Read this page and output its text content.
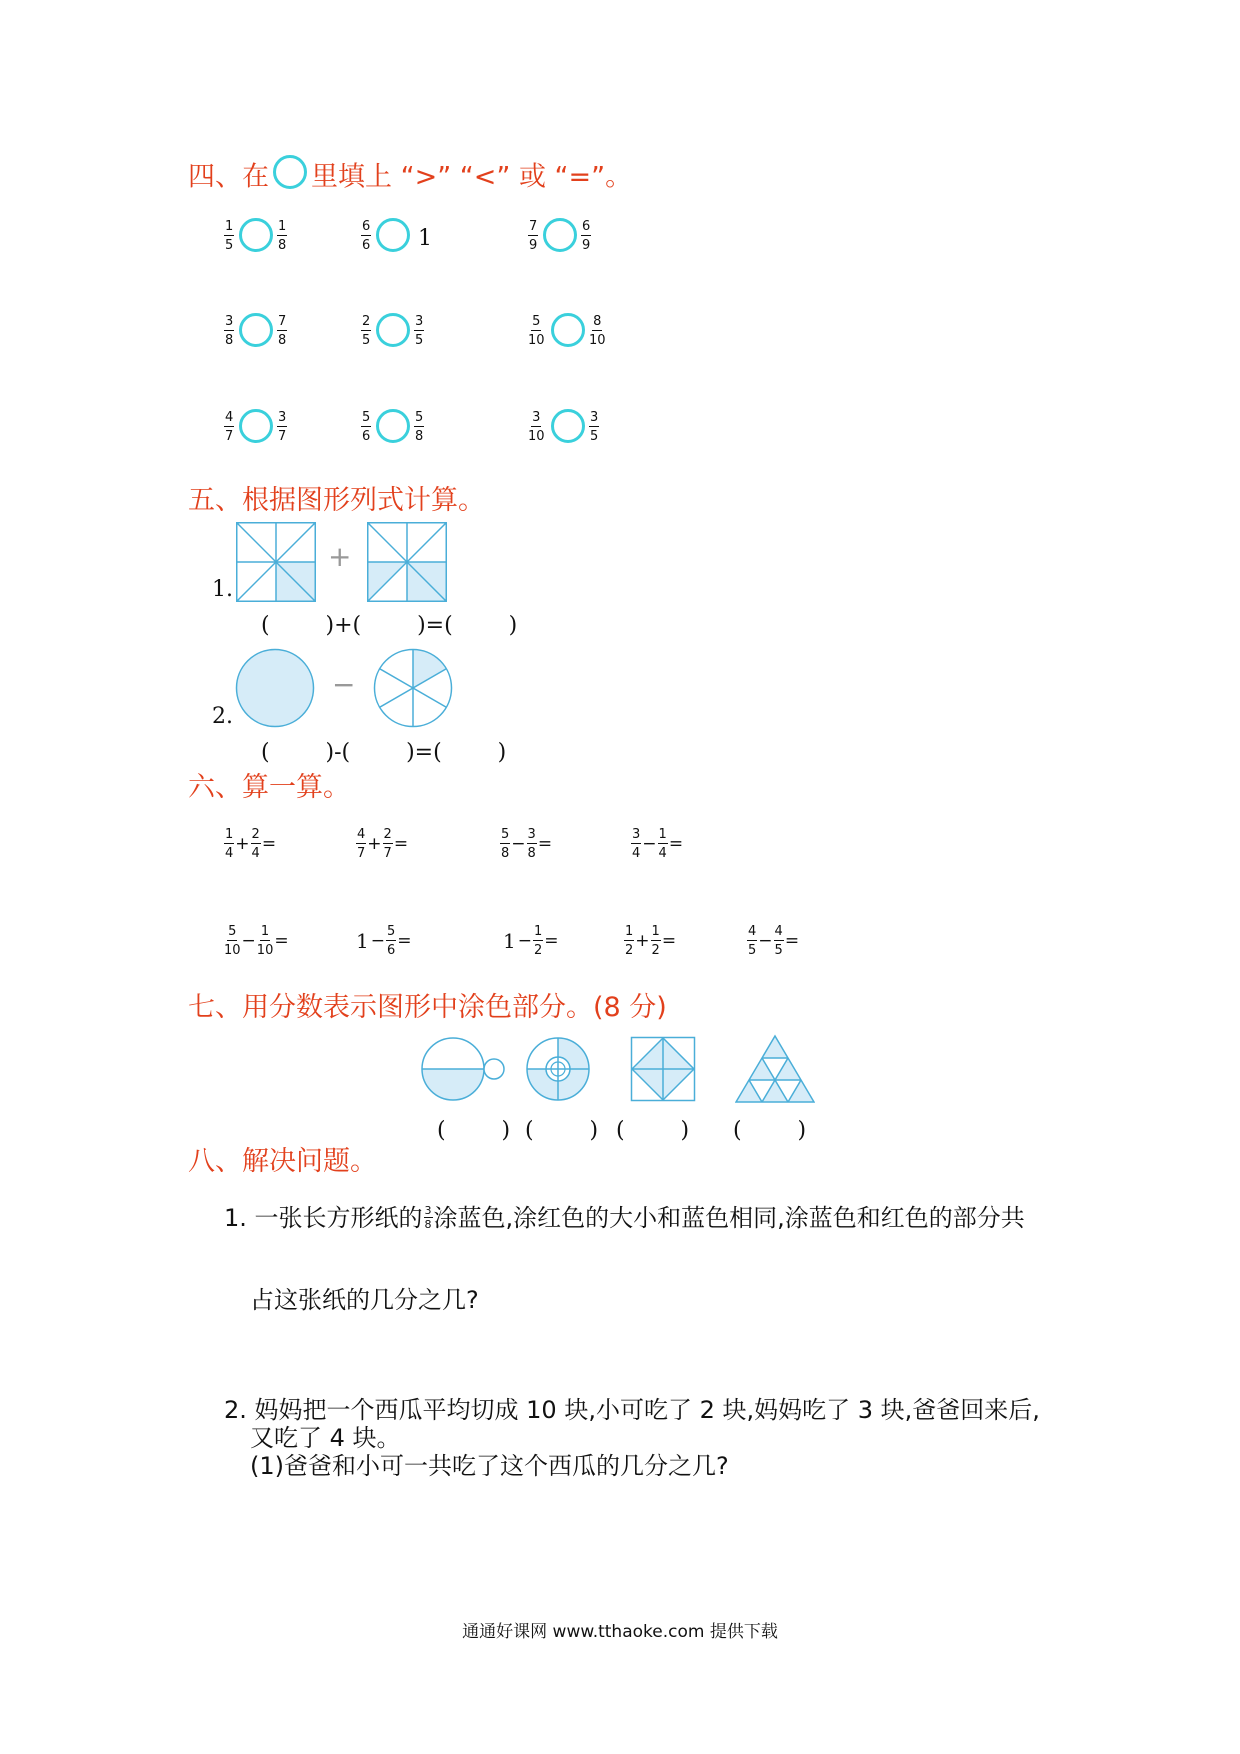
四、在 里填上 “>” “<” 或 “=”。
$\frac{1}{5}$	$\frac{1}{8}$	$\frac{6}{6} 1$	$\frac{7}{9}$	$\frac{6}{9}$
$\frac{3}{8}$	$\frac{7}{8}$	$\frac{2}{5}$	$\frac{3}{5}$	$\frac{5}{10}$	$\frac{8}{10}$
$\frac{4}{7}$	$\frac{3}{7}$	$\frac{5}{6}$	$\frac{5}{8}$	$\frac{3}{10}$	$\frac{3}{5}$
五、根据图形列式计算。
1.
+
(        )+(        )=(        )
2.
−
(        )-(        )=(        )
六、算一算。
$\frac{1}{4} + \frac{2}{4}$ =	$\frac{4}{7} + \frac{2}{7}$ =	$\frac{5}{8} - \frac{3}{8}$ =	$\frac{3}{4} - \frac{1}{4}$ =
$\frac{5}{10} - \frac{1}{10}$ =	$1 - \frac{5}{6}$ =	$1 - \frac{1}{2}$ =	$\frac{1}{2} + \frac{1}{2}$ =	$\frac{4}{5} - \frac{4}{5}$ =
七、用分数表示图形中涂色部分。(8 分)
(        ) (        ) (        ) (        )
八、解决问题。
1. 一张长方形纸的 $\frac{3}{8}$ 涂蓝色,涂红色的大小和蓝色相同,涂蓝色和红色的部分共
占这张纸的几分之几?
2. 妈妈把一个西瓜平均切成 10 块,小可吃了 2 块,妈妈吃了 3 块,爸爸回来后,
又吃了 4 块。
(1)爸爸和小可一共吃了这个西瓜的几分之几?
通通好课网 www.tthaoke.com 提供下载
